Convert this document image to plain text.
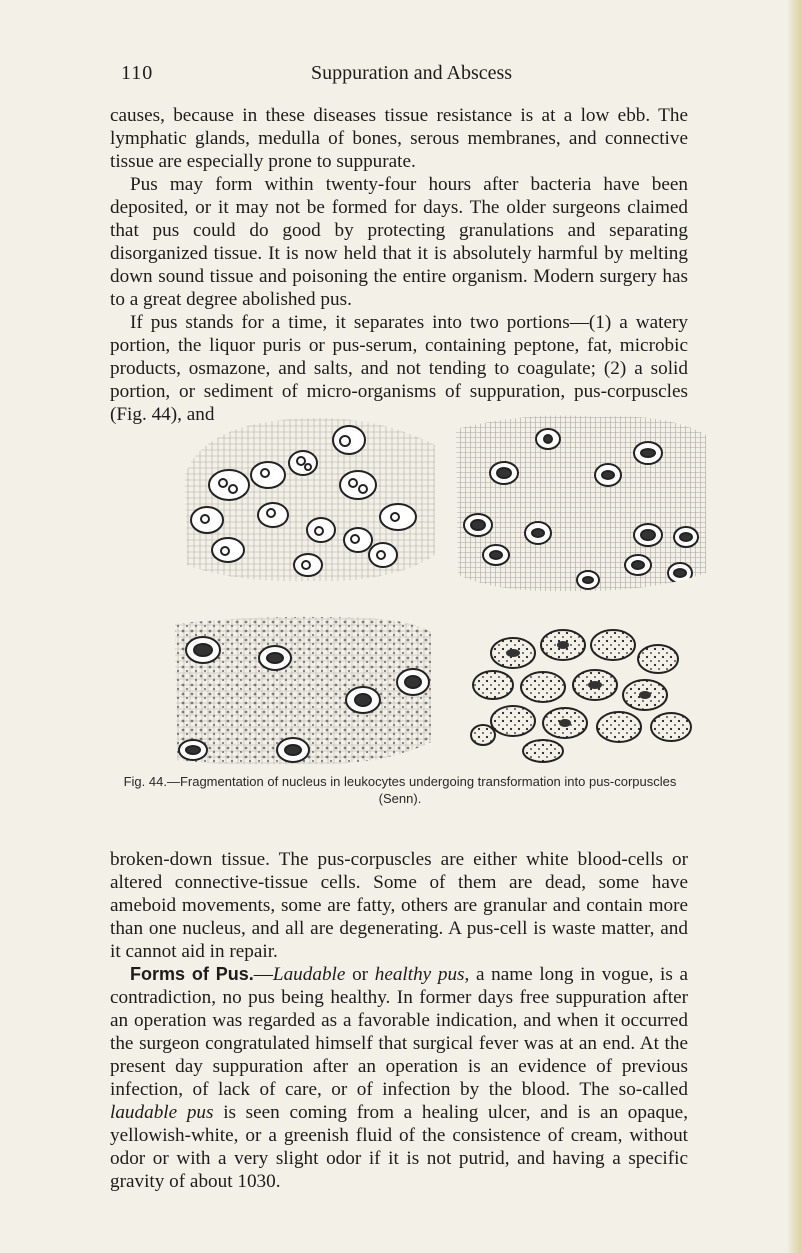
110	Suppuration and Abscess

causes, because in these diseases tissue resistance is at a low ebb. The lymphatic glands, medulla of bones, serous membranes, and connective tissue are especially prone to suppurate.

Pus may form within twenty-four hours after bacteria have been deposited, or it may not be formed for days. The older surgeons claimed that pus could do good by protecting granulations and separating disorganized tissue. It is now held that it is absolutely harmful by melting down sound tissue and poisoning the entire organism. Modern surgery has to a great degree abolished pus.

If pus stands for a time, it separates into two portions—(1) a watery portion, the liquor puris or pus-serum, containing peptone, fat, microbic products, osmazone, and salts, and not tending to coagulate; (2) a solid portion, or sediment of micro-organisms of suppuration, pus-corpuscles (Fig. 44), and

Fig. 44.—Fragmentation of nucleus in leukocytes undergoing transformation into pus-corpuscles (Senn).

broken-down tissue. The pus-corpuscles are either white blood-cells or altered connective-tissue cells. Some of them are dead, some have ameboid movements, some are fatty, others are granular and contain more than one nucleus, and all are degenerating. A pus-cell is waste matter, and it cannot aid in repair.

Forms of Pus.—Laudable or healthy pus, a name long in vogue, is a contradiction, no pus being healthy. In former days free suppuration after an operation was regarded as a favorable indication, and when it occurred the surgeon congratulated himself that surgical fever was at an end. At the present day suppuration after an operation is an evidence of previous infection, of lack of care, or of infection by the blood. The so-called laudable pus is seen coming from a healing ulcer, and is an opaque, yellowish-white, or a greenish fluid of the consistence of cream, without odor or with a very slight odor if it is not putrid, and having a specific gravity of about 1030.
